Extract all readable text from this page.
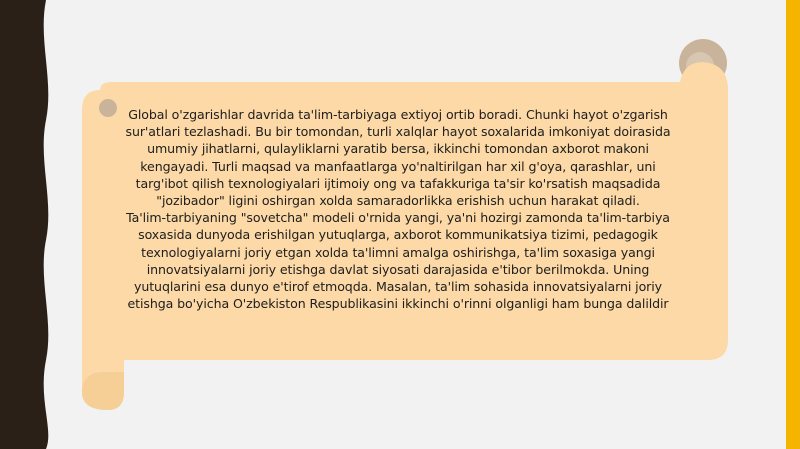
Global o'zgarishlar davrida ta'lim-tarbiyaga extiyoj ortib boradi. Chunki hayot o'zgarish sur'atlari tezlashadi. Bu bir tomondan, turli xalqlar hayot soxalarida imkoniyat doirasida umumiy jihatlarni, qulayliklarni yaratib bersa, ikkinchi tomondan axborot makoni kengayadi. Turli maqsad va manfaatlarga yo'naltirilgan har xil g'oya, qarashlar, uni targ'ibot qilish texnologiyalari ijtimoiy ong va tafakkuriga ta'sir ko'rsatish maqsadida "jozibador" ligini oshirgan xolda samaradorlikka erishish uchun harakat qiladi.

Ta'lim-tarbiyaning "sovetcha" modeli o'rnida yangi, ya'ni hozirgi zamonda ta'lim-tarbiya soxasida dunyoda erishilgan yutuqlarga, axborot kommunikatsiya tizimi, pedagogik texnologiyalarni joriy etgan xolda ta'limni amalga oshirishga, ta'lim soxasiga yangi innovatsiyalarni joriy etishga davlat siyosati darajasida e'tibor berilmokda. Uning yutuqlarini esa dunyo e'tirof etmoqda. Masalan, ta'lim sohasida innovatsiyalarni joriy etishga bo'yicha O'zbekiston Respublikasini ikkinchi o'rinni olganligi ham bunga dalildir
